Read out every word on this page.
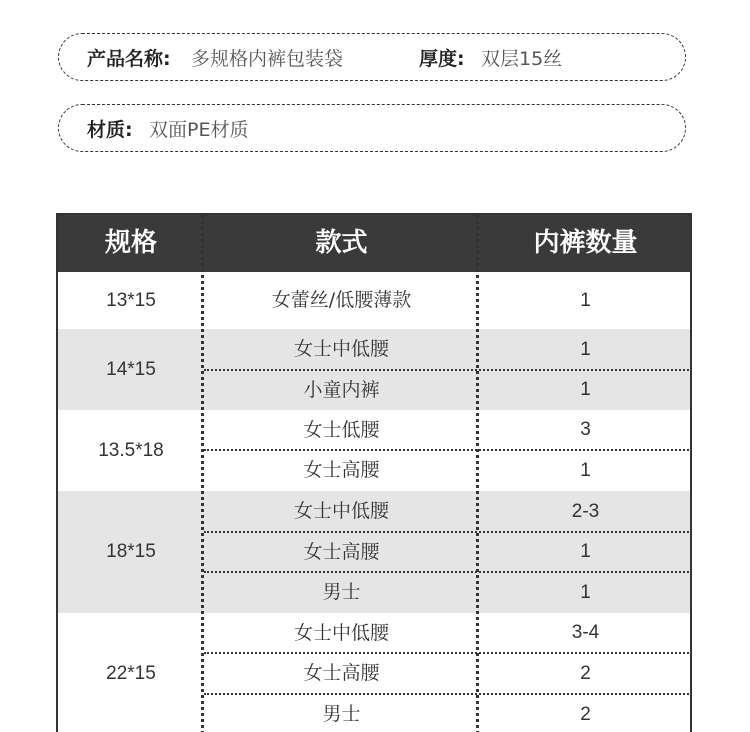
产品名称: 多规格内裤包装袋	厚度: 双层15丝
材质: 双面PE材质
规格	款式	内裤数量
13*15	女蕾丝/低腰薄款	1
14*15
女士中低腰	1
小童内裤	1
13.5*18
女士低腰	3
女士高腰	1
18*15
女士中低腰	2-3
女士高腰	1
男士	1
22*15
女士中低腰	3-4
女士高腰	2
男士	2
